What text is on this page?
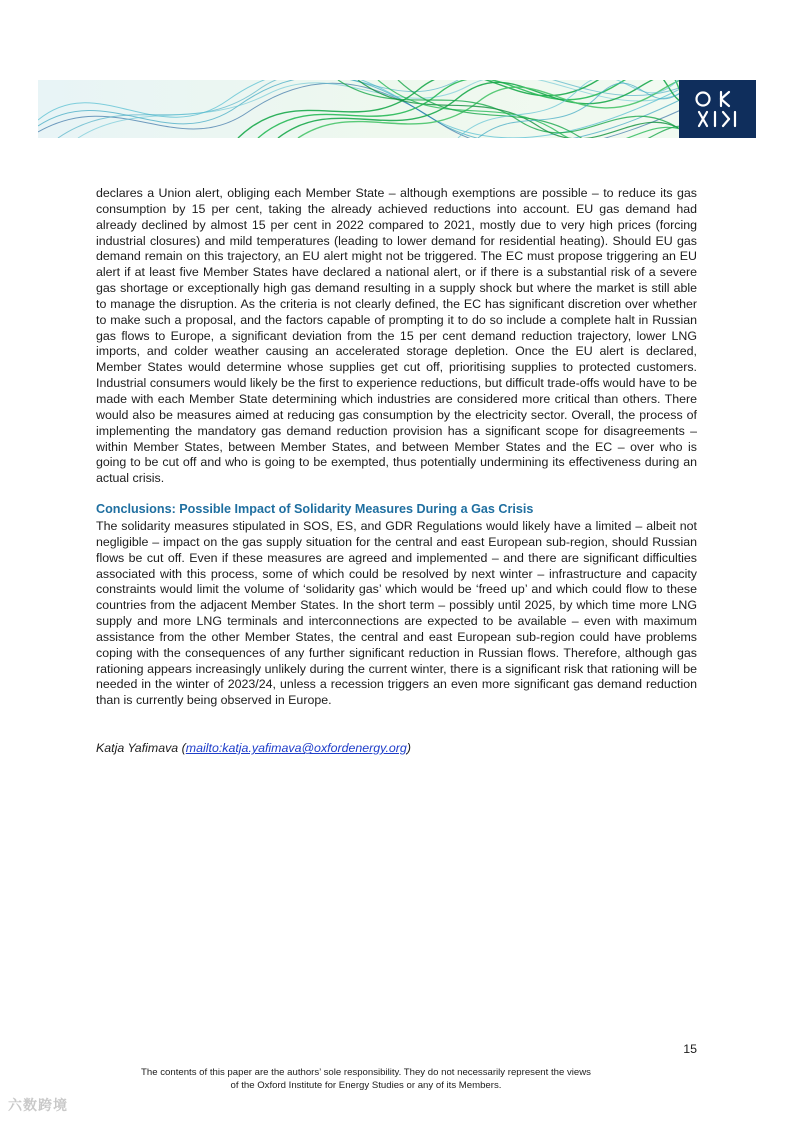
declares a Union alert, obliging each Member State – although exemptions are possible – to reduce its gas consumption by 15 per cent, taking the already achieved reductions into account. EU gas demand had already declined by almost 15 per cent in 2022 compared to 2021, mostly due to very high prices (forcing industrial closures) and mild temperatures (leading to lower demand for residential heating). Should EU gas demand remain on this trajectory, an EU alert might not be triggered. The EC must propose triggering an EU alert if at least five Member States have declared a national alert, or if there is a substantial risk of a severe gas shortage or exceptionally high gas demand resulting in a supply shock but where the market is still able to manage the disruption. As the criteria is not clearly defined, the EC has significant discretion over whether to make such a proposal, and the factors capable of prompting it to do so include a complete halt in Russian gas flows to Europe, a significant deviation from the 15 per cent demand reduction trajectory, lower LNG imports, and colder weather causing an accelerated storage depletion. Once the EU alert is declared, Member States would determine whose supplies get cut off, prioritising supplies to protected customers. Industrial consumers would likely be the first to experience reductions, but difficult trade-offs would have to be made with each Member State determining which industries are considered more critical than others. There would also be measures aimed at reducing gas consumption by the electricity sector. Overall, the process of implementing the mandatory gas demand reduction provision has a significant scope for disagreements – within Member States, between Member States, and between Member States and the EC – over who is going to be cut off and who is going to be exempted, thus potentially undermining its effectiveness during an actual crisis.

Conclusions: Possible Impact of Solidarity Measures During a Gas Crisis

The solidarity measures stipulated in SOS, ES, and GDR Regulations would likely have a limited – albeit not negligible – impact on the gas supply situation for the central and east European sub-region, should Russian flows be cut off. Even if these measures are agreed and implemented – and there are significant difficulties associated with this process, some of which could be resolved by next winter – infrastructure and capacity constraints would limit the volume of ‘solidarity gas’ which would be ‘freed up’ and which could flow to these countries from the adjacent Member States. In the short term – possibly until 2025, by which time more LNG supply and more LNG terminals and interconnections are expected to be available – even with maximum assistance from the other Member States, the central and east European sub-region could have problems coping with the consequences of any further significant reduction in Russian flows. Therefore, although gas rationing appears increasingly unlikely during the current winter, there is a significant risk that rationing will be needed in the winter of 2023/24, unless a recession triggers an even more significant gas demand reduction than is currently being observed in Europe.

Katja Yafimava (mailto:katja.yafimava@oxfordenergy.org)
15
The contents of this paper are the authors’ sole responsibility. They do not necessarily represent the views
of the Oxford Institute for Energy Studies or any of its Members.
六数跨境
